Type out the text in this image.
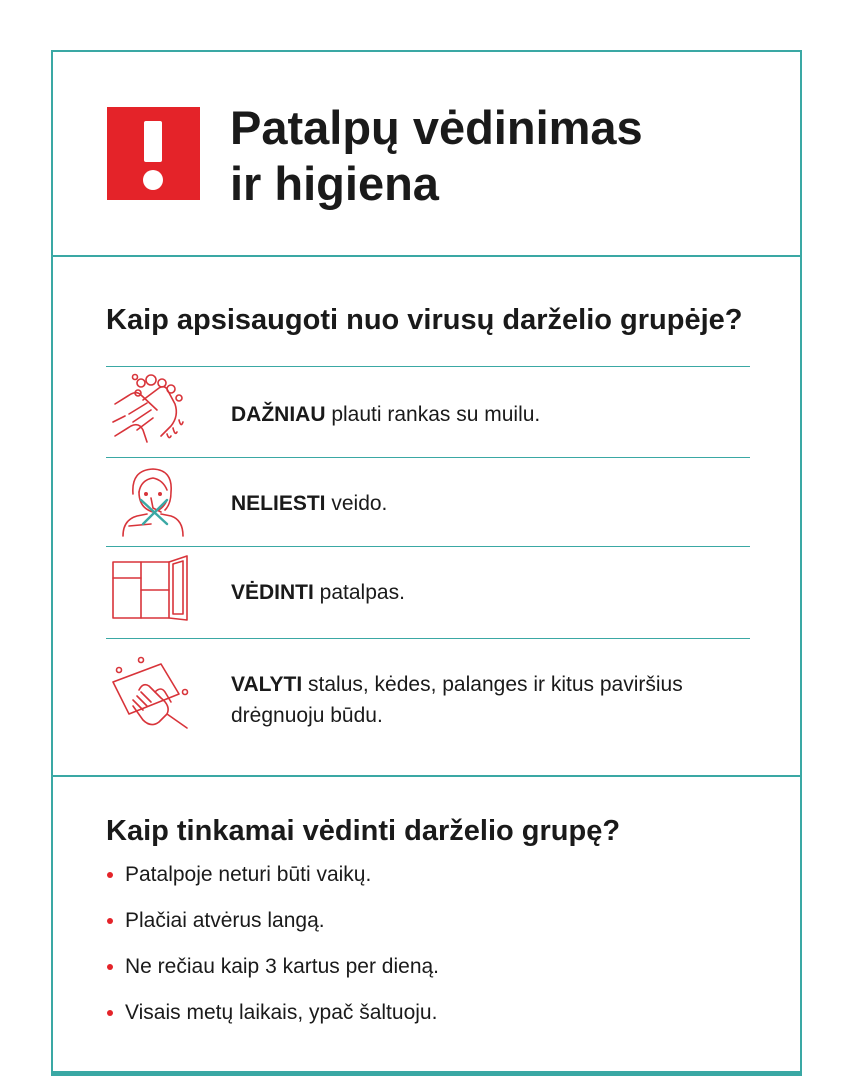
Patalpų vėdinimas
ir higiena
Kaip apsisaugoti nuo virusų darželio grupėje?
DAŽNIAU plauti rankas su muilu.
NELIESTI veido.
VĖDINTI patalpas.
VALYTI stalus, kėdes, palanges ir kitus paviršius drėgnuoju būdu.
Kaip tinkamai vėdinti darželio grupę?
Patalpoje neturi būti vaikų.
Plačiai atvėrus langą.
Ne rečiau kaip 3 kartus per dieną.
Visais metų laikais, ypač šaltuoju.
